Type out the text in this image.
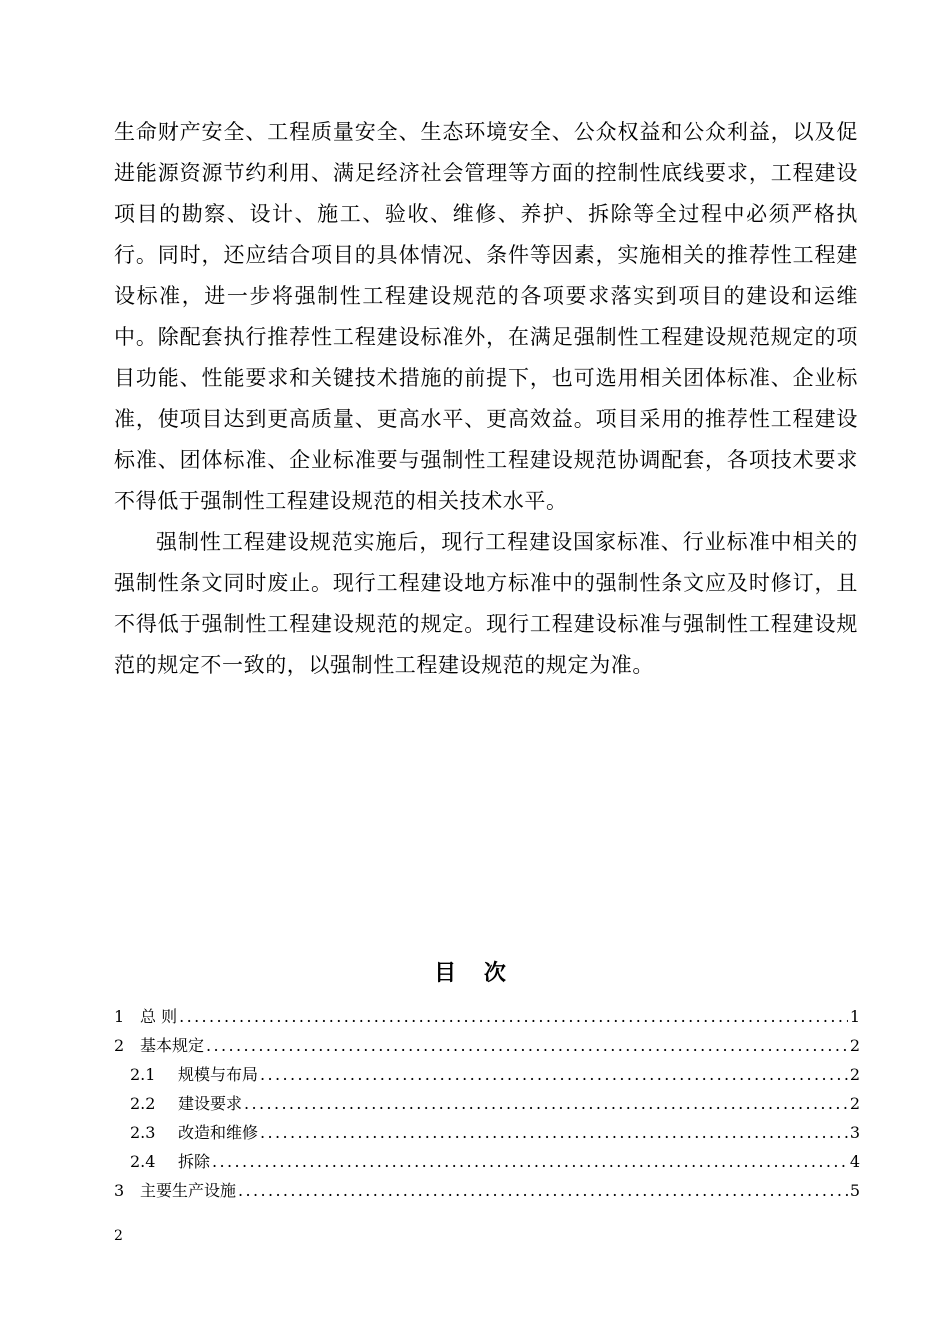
生命财产安全、工程质量安全、生态环境安全、公众权益和公众利益，以及促进能源资源节约利用、满足经济社会管理等方面的控制性底线要求，工程建设项目的勘察、设计、施工、验收、维修、养护、拆除等全过程中必须严格执行。同时，还应结合项目的具体情况、条件等因素，实施相关的推荐性工程建设标准，进一步将强制性工程建设规范的各项要求落实到项目的建设和运维中。除配套执行推荐性工程建设标准外，在满足强制性工程建设规范规定的项目功能、性能要求和关键技术措施的前提下，也可选用相关团体标准、企业标准，使项目达到更高质量、更高水平、更高效益。项目采用的推荐性工程建设标准、团体标准、企业标准要与强制性工程建设规范协调配套，各项技术要求不得低于强制性工程建设规范的相关技术水平。

强制性工程建设规范实施后，现行工程建设国家标准、行业标准中相关的强制性条文同时废止。现行工程建设地方标准中的强制性条文应及时修订，且不得低于强制性工程建设规范的规定。现行工程建设标准与强制性工程建设规范的规定不一致的，以强制性工程建设规范的规定为准。

目 次
1 总 则 .....	1
2 基本规定 .....	2
2.1	规模与布局 .....	2
2.2	建设要求 .....	2
2.3	改造和维修 .....	3
2.4	拆除 .....	4
3 主要生产设施 .....	5
2
